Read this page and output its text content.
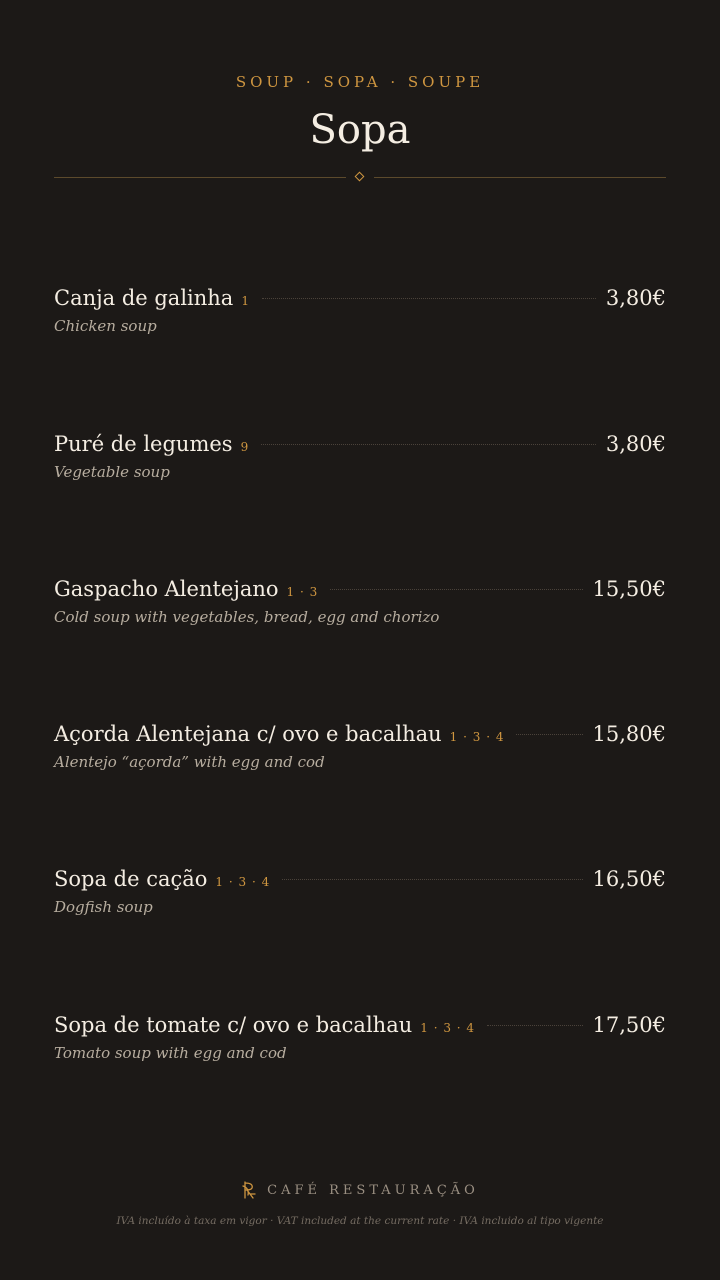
SOUP · SOPA · SOUPE
Sopa
Canja de galinha 1	3,80€
Chicken soup
Puré de legumes 9	3,80€
Vegetable soup
Gaspacho Alentejano 1 · 3	15,50€
Cold soup with vegetables, bread, egg and chorizo
Açorda Alentejana c/ ovo e bacalhau 1 · 3 · 4	15,80€
Alentejo “açorda” with egg and cod
Sopa de cação 1 · 3 · 4	16,50€
Dogfish soup
Sopa de tomate c/ ovo e bacalhau 1 · 3 · 4	17,50€
Tomato soup with egg and cod
CAFÉ RESTAURAÇÃO
IVA incluído à taxa em vigor · VAT included at the current rate · IVA incluido al tipo vigente
